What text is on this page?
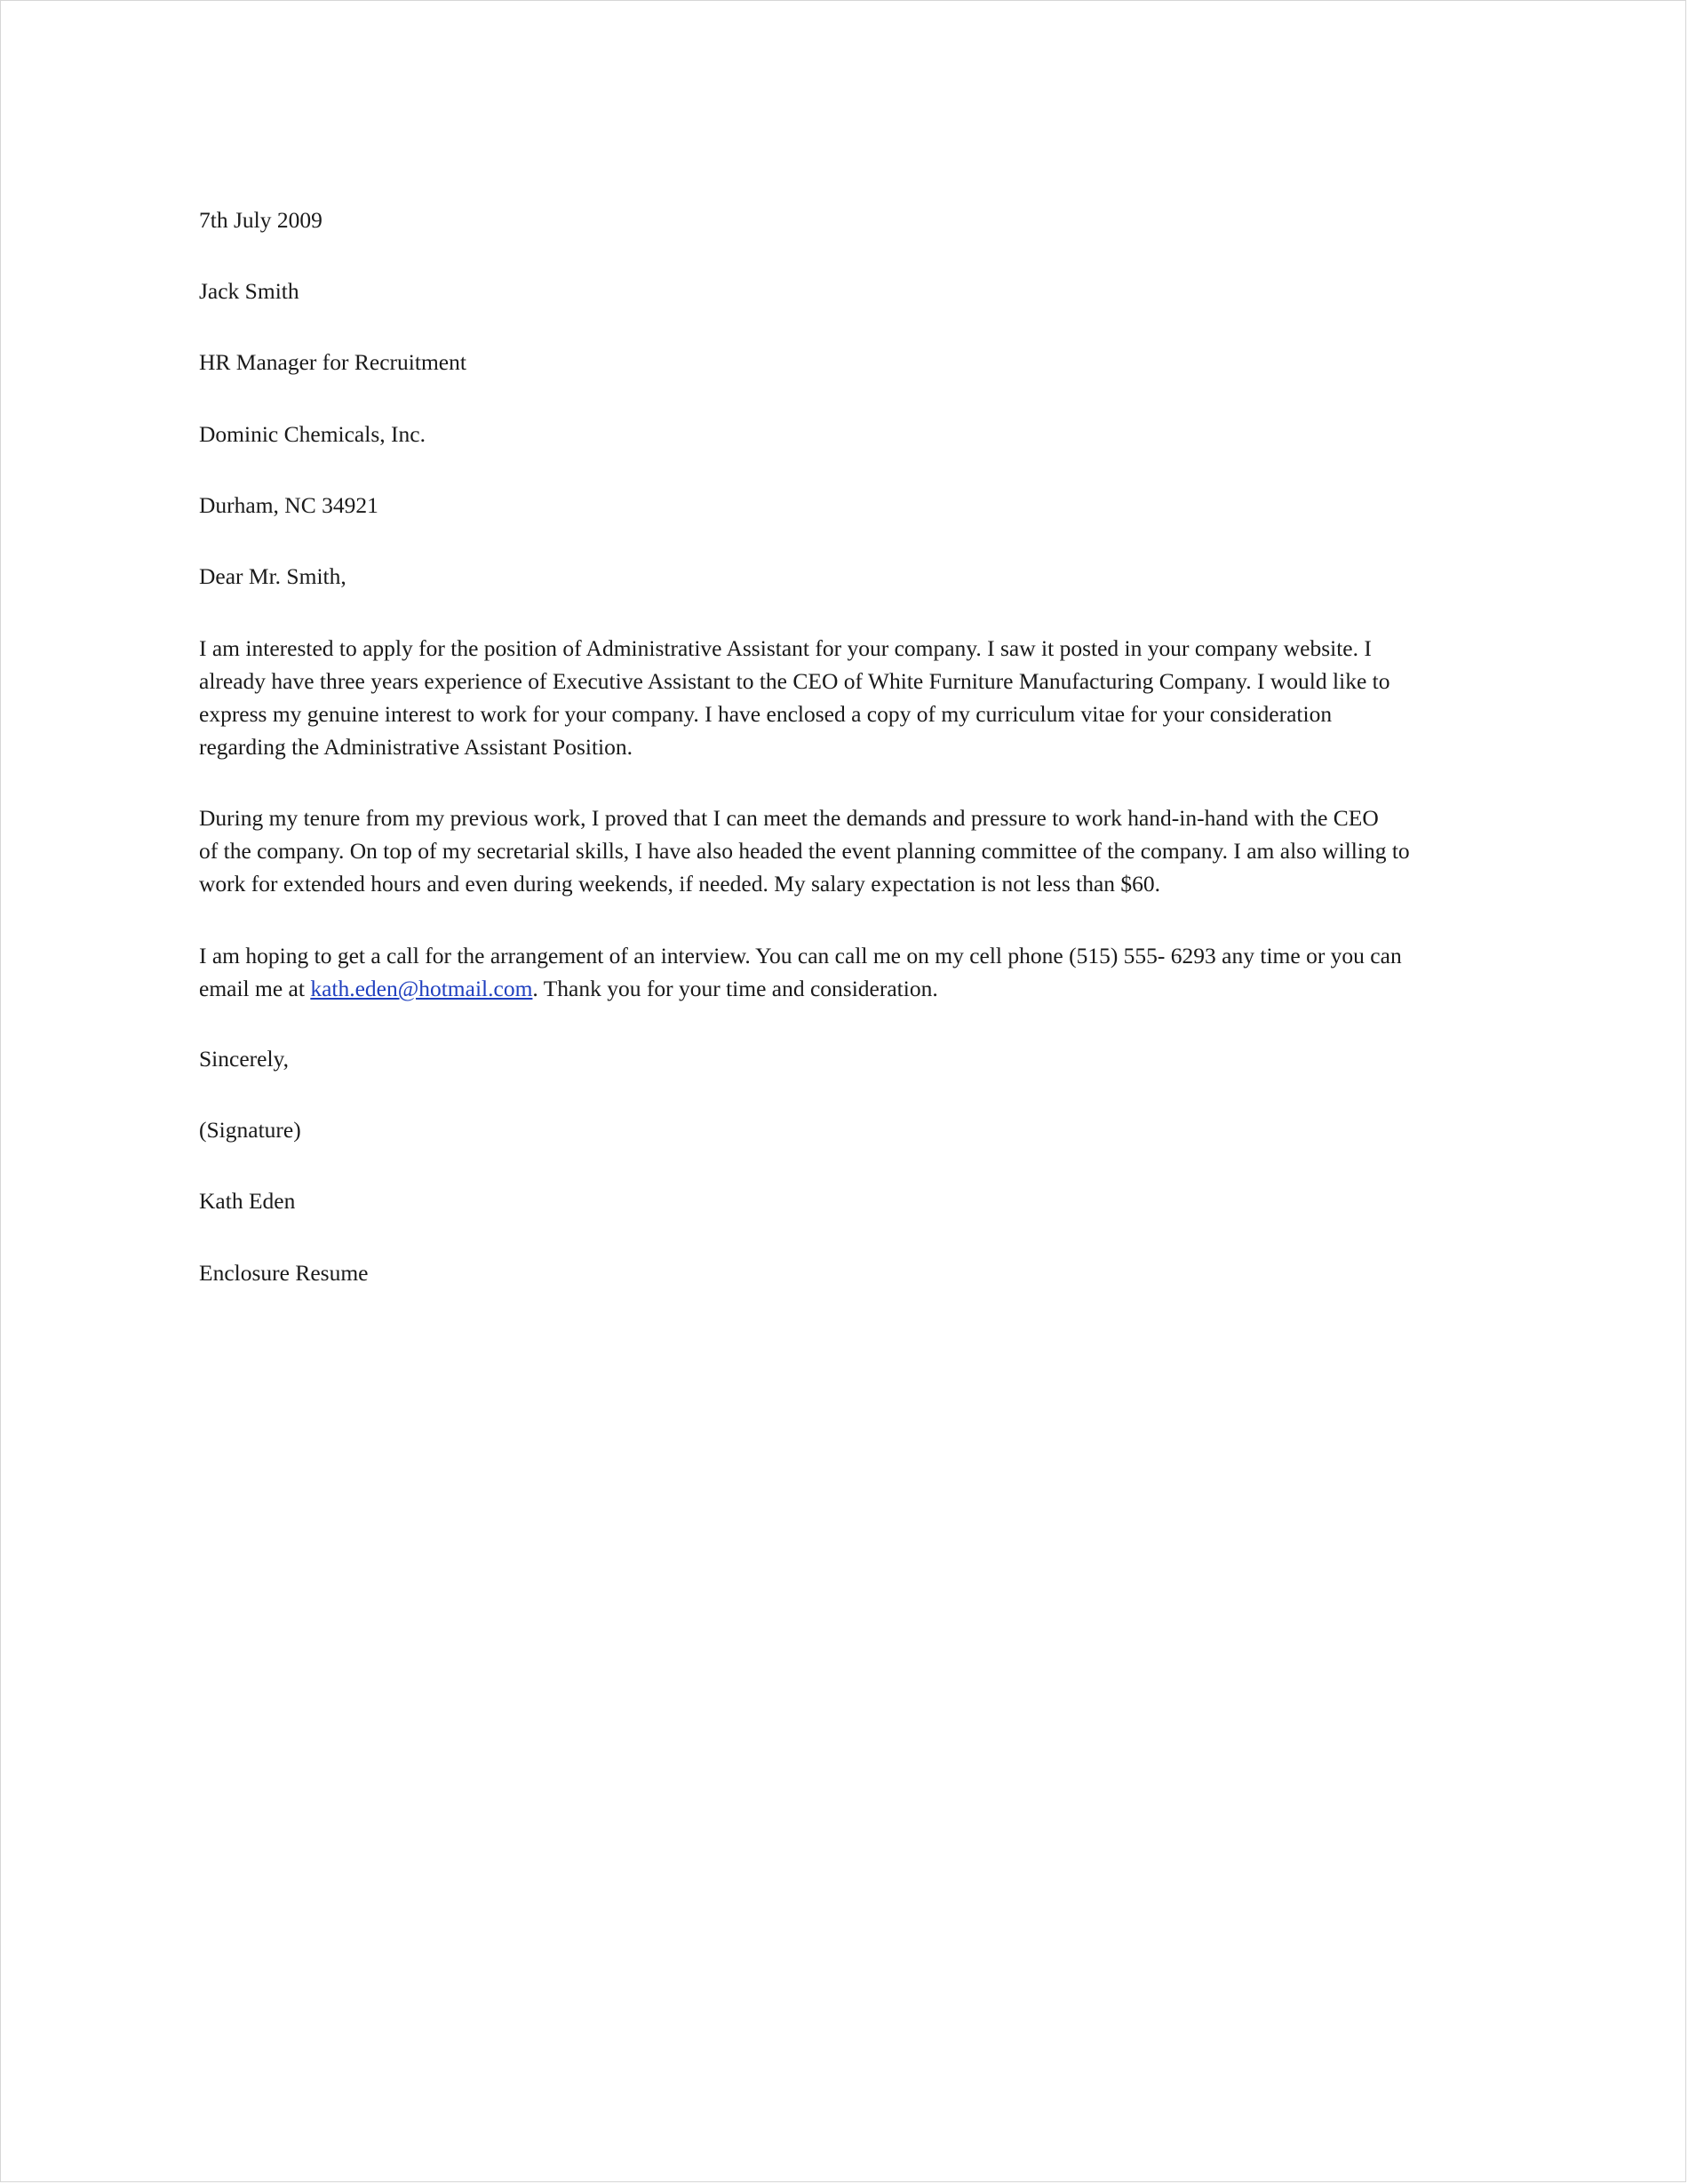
7th July 2009
Jack Smith
HR Manager for Recruitment
Dominic Chemicals, Inc.
Durham, NC 34921
Dear Mr. Smith,
I am interested to apply for the position of Administrative Assistant for your company. I saw it posted in your company website. I
already have three years experience of Executive Assistant to the CEO of White Furniture Manufacturing Company. I would like to
express my genuine interest to work for your company. I have enclosed a copy of my curriculum vitae for your consideration
regarding the Administrative Assistant Position.
During my tenure from my previous work, I proved that I can meet the demands and pressure to work hand-in-hand with the CEO
of the company. On top of my secretarial skills, I have also headed the event planning committee of the company. I am also willing to
work for extended hours and even during weekends, if needed. My salary expectation is not less than $60.
I am hoping to get a call for the arrangement of an interview. You can call me on my cell phone (515) 555- 6293 any time or you can
email me at kath.eden@hotmail.com. Thank you for your time and consideration.
Sincerely,
(Signature)
Kath Eden
Enclosure Resume
